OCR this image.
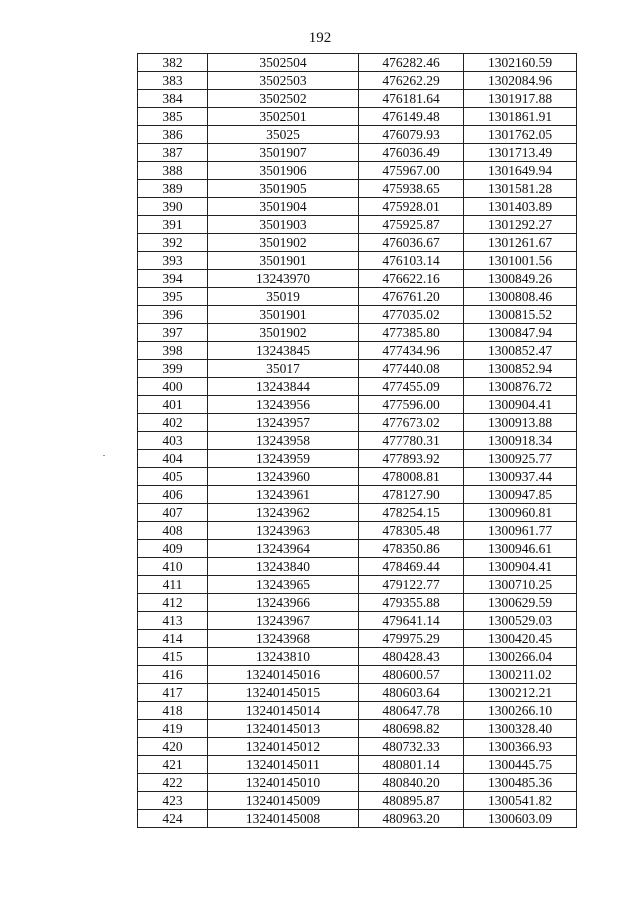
192
382	3502504	476282.46	1302160.59
383	3502503	476262.29	1302084.96
384	3502502	476181.64	1301917.88
385	3502501	476149.48	1301861.91
386	35025	476079.93	1301762.05
387	3501907	476036.49	1301713.49
388	3501906	475967.00	1301649.94
389	3501905	475938.65	1301581.28
390	3501904	475928.01	1301403.89
391	3501903	475925.87	1301292.27
392	3501902	476036.67	1301261.67
393	3501901	476103.14	1301001.56
394	13243970	476622.16	1300849.26
395	35019	476761.20	1300808.46
396	3501901	477035.02	1300815.52
397	3501902	477385.80	1300847.94
398	13243845	477434.96	1300852.47
399	35017	477440.08	1300852.94
400	13243844	477455.09	1300876.72
401	13243956	477596.00	1300904.41
402	13243957	477673.02	1300913.88
403	13243958	477780.31	1300918.34
404	13243959	477893.92	1300925.77
405	13243960	478008.81	1300937.44
406	13243961	478127.90	1300947.85
407	13243962	478254.15	1300960.81
408	13243963	478305.48	1300961.77
409	13243964	478350.86	1300946.61
410	13243840	478469.44	1300904.41
411	13243965	479122.77	1300710.25
412	13243966	479355.88	1300629.59
413	13243967	479641.14	1300529.03
414	13243968	479975.29	1300420.45
415	13243810	480428.43	1300266.04
416	13240145016	480600.57	1300211.02
417	13240145015	480603.64	1300212.21
418	13240145014	480647.78	1300266.10
419	13240145013	480698.82	1300328.40
420	13240145012	480732.33	1300366.93
421	13240145011	480801.14	1300445.75
422	13240145010	480840.20	1300485.36
423	13240145009	480895.87	1300541.82
424	13240145008	480963.20	1300603.09
